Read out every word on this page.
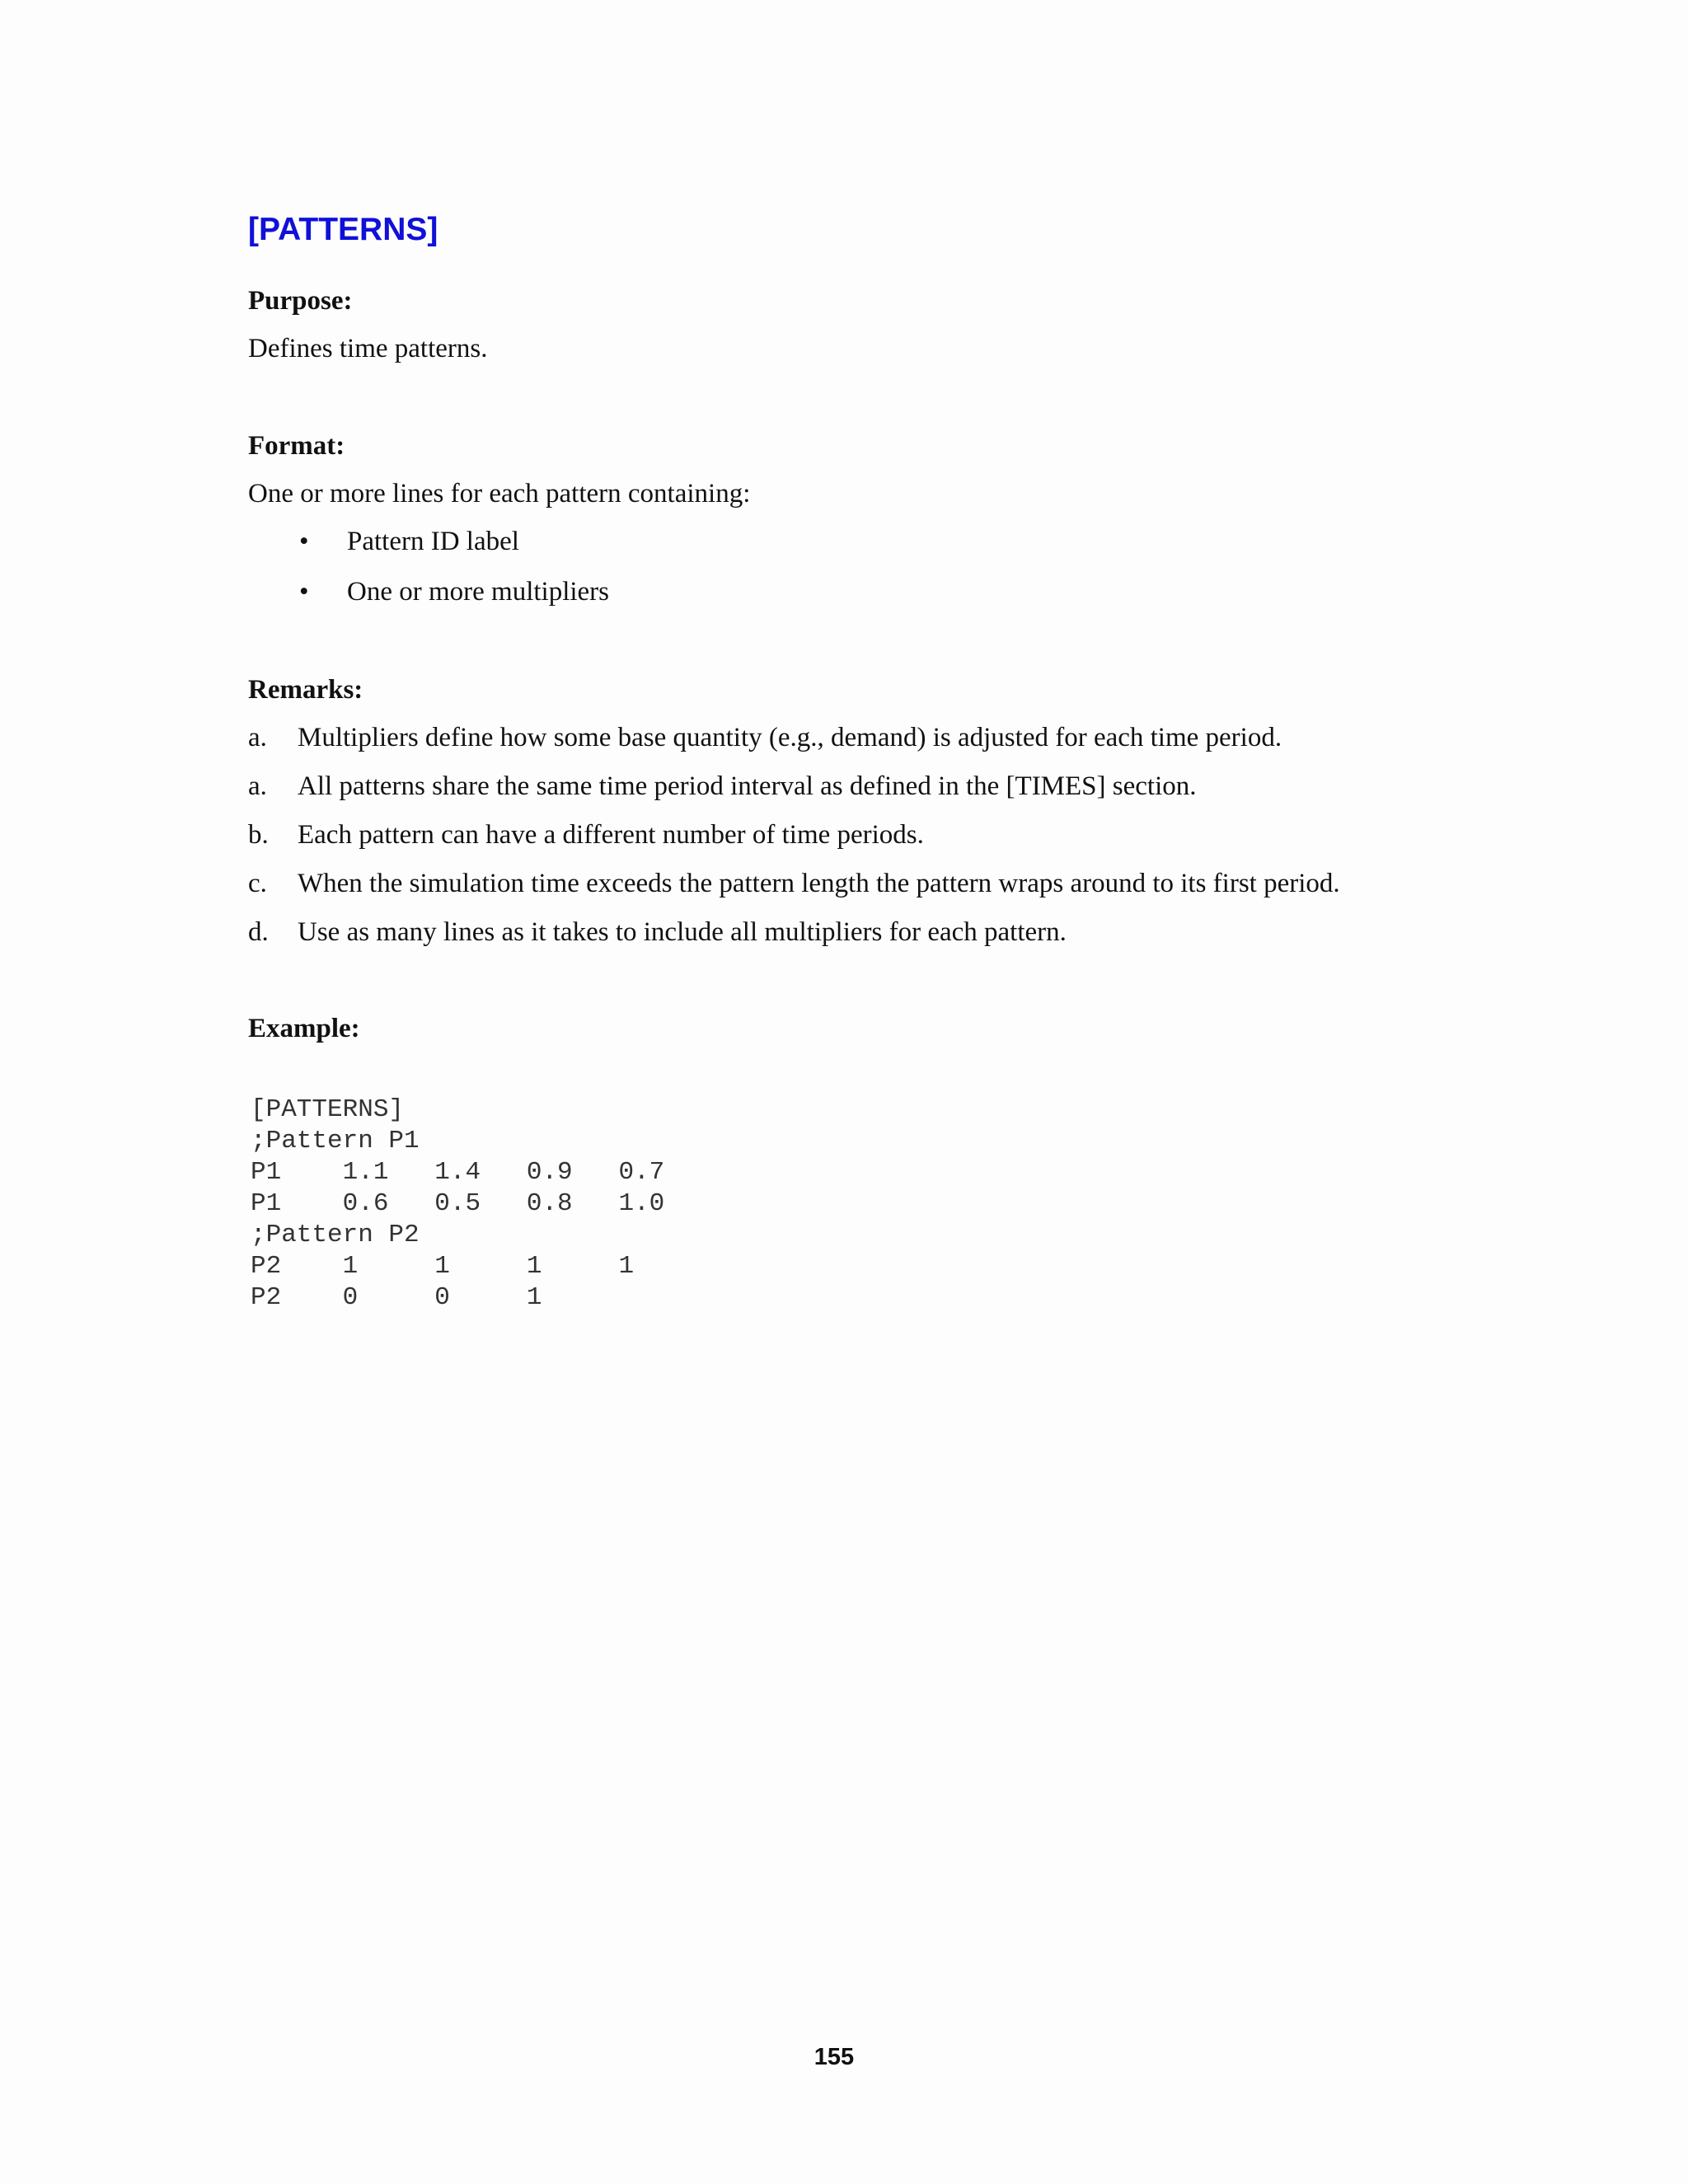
[PATTERNS]
Purpose:
Defines time patterns.
Format:
One or more lines for each pattern containing:
• Pattern ID label
• One or more multipliers
Remarks:
a. Multipliers define how some base quantity (e.g., demand) is adjusted for each time period.
a. All patterns share the same time period interval as defined in the [TIMES] section.
b. Each pattern can have a different number of time periods.
c. When the simulation time exceeds the pattern length the pattern wraps around to its first period.
d. Use as many lines as it takes to include all multipliers for each pattern.
Example:
[PATTERNS]
;Pattern P1
P1    1.1   1.4   0.9   0.7
P1    0.6   0.5   0.8   1.0
;Pattern P2
P2    1     1     1     1
P2    0     0     1
155
